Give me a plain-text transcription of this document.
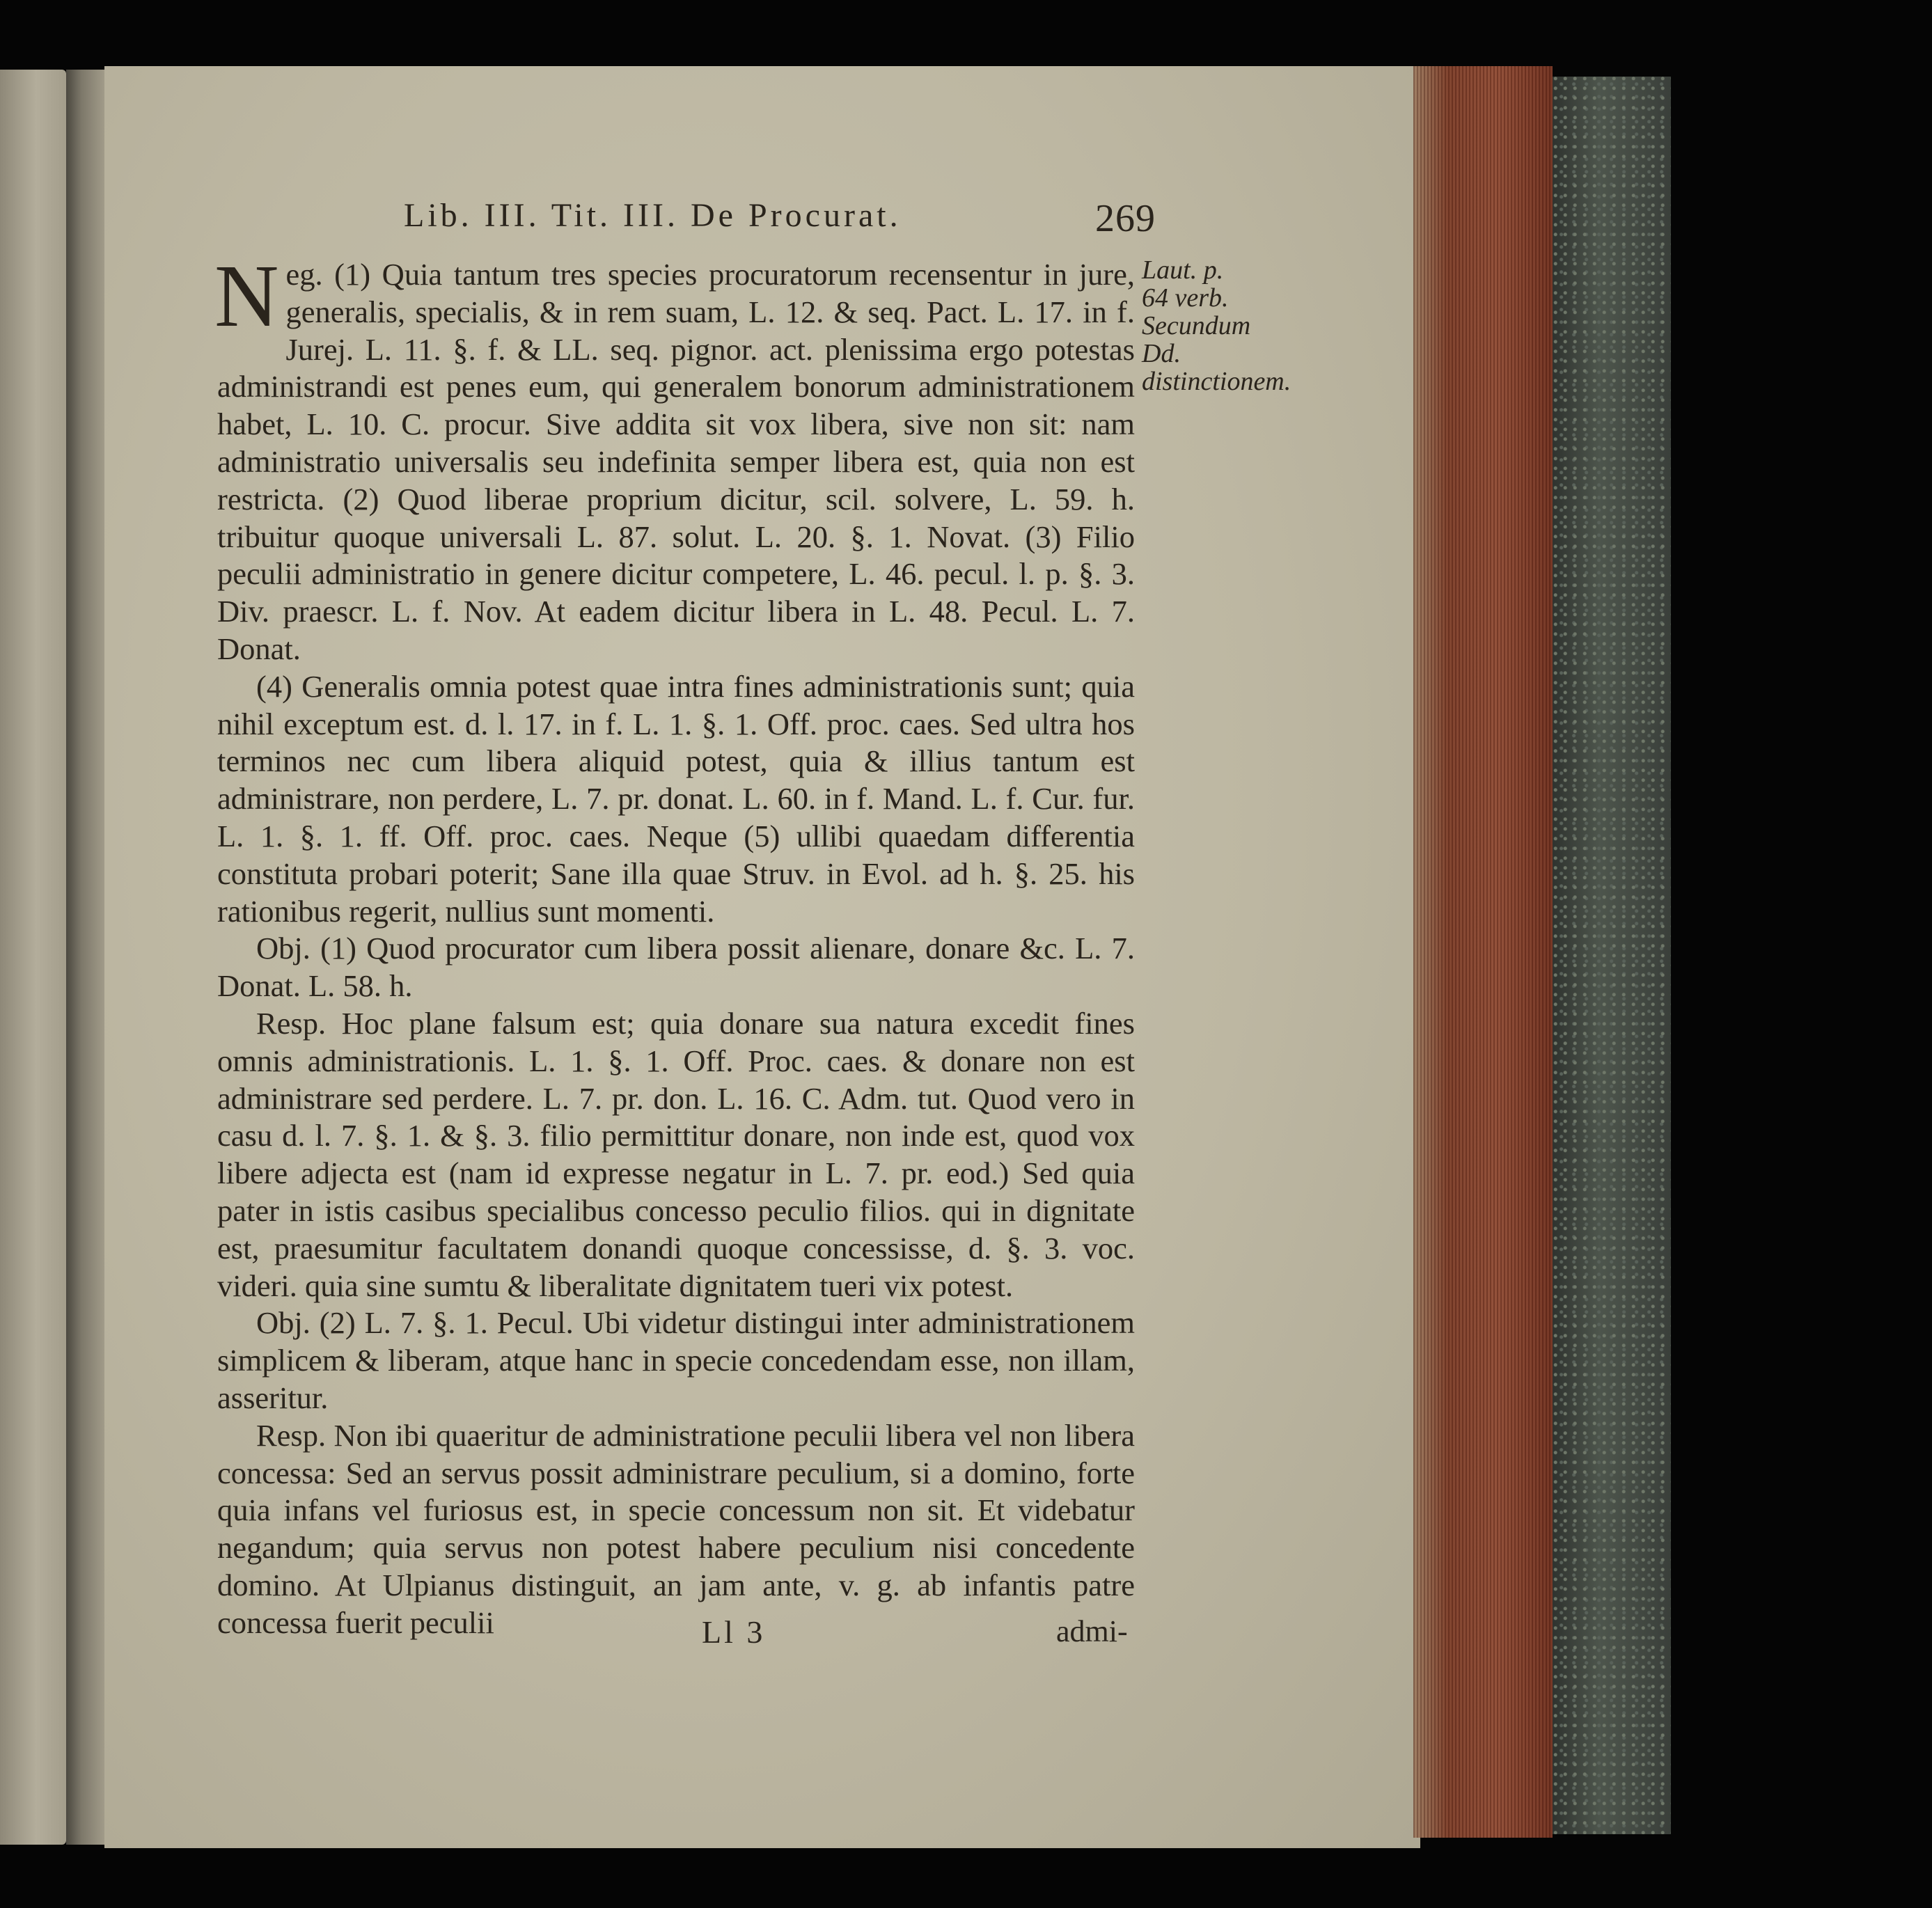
Lib. III. Tit. III. De Procurat.	269

Neg. (1) Quia tantum tres species procuratorum recensentur in jure, generalis, specialis, & in rem suam, L. 12. & seq. Pact. L. 17. in f. Jurej. L. 11. §. f. & LL. seq. pignor. act. plenissima ergo potestas administrandi est penes eum, qui generalem bonorum administrationem habet, L. 10. C. procur. Sive addita sit vox libera, sive non sit: nam administratio universalis seu indefinita semper libera est, quia non est restricta. (2) Quod liberae proprium dicitur, scil. solvere, L. 59. h. tribuitur quoque universali L. 87. solut. L. 20. §. 1. Novat. (3) Filio peculii administratio in genere dicitur competere, L. 46. pecul. l. p. §. 3. Div. praescr. L. f. Nov. At eadem dicitur libera in L. 48. Pecul. L. 7. Donat.

(4) Generalis omnia potest quae intra fines administrationis sunt; quia nihil exceptum est. d. l. 17. in f. L. 1. §. 1. Off. proc. caes. Sed ultra hos terminos nec cum libera aliquid potest, quia & illius tantum est administrare, non perdere, L. 7. pr. donat. L. 60. in f. Mand. L. f. Cur. fur. L. 1. §. 1. ff. Off. proc. caes. Neque (5) ullibi quaedam differentia constituta probari poterit; Sane illa quae Struv. in Evol. ad h. §. 25. his rationibus regerit, nullius sunt momenti.

Obj. (1) Quod procurator cum libera possit alienare, donare &c. L. 7. Donat. L. 58. h.

Resp. Hoc plane falsum est; quia donare sua natura excedit fines omnis administrationis. L. 1. §. 1. Off. Proc. caes. & donare non est administrare sed perdere. L. 7. pr. don. L. 16. C. Adm. tut. Quod vero in casu d. l. 7. §. 1. & §. 3. filio permittitur donare, non inde est, quod vox libere adjecta est (nam id expresse negatur in L. 7. pr. eod.) Sed quia pater in istis casibus specialibus concesso peculio filios. qui in dignitate est, praesumitur facultatem donandi quoque concessisse, d. §. 3. voc. videri. quia sine sumtu & liberalitate dignitatem tueri vix potest.

Obj. (2) L. 7. §. 1. Pecul. Ubi videtur distingui inter administrationem simplicem & liberam, atque hanc in specie concedendam esse, non illam, asseritur.

Resp. Non ibi quaeritur de administratione peculii libera vel non libera concessa: Sed an servus possit administrare peculium, si a domino, forte quia infans vel furiosus est, in specie concessum non sit. Et videbatur negandum; quia servus non potest habere peculium nisi concedente domino. At Ulpianus distinguit, an jam ante, v. g. ab infantis patre concessa fuerit peculii

Laut. p. 64 verb. Secundum Dd. distinctionem.
Ll 3	admi-
